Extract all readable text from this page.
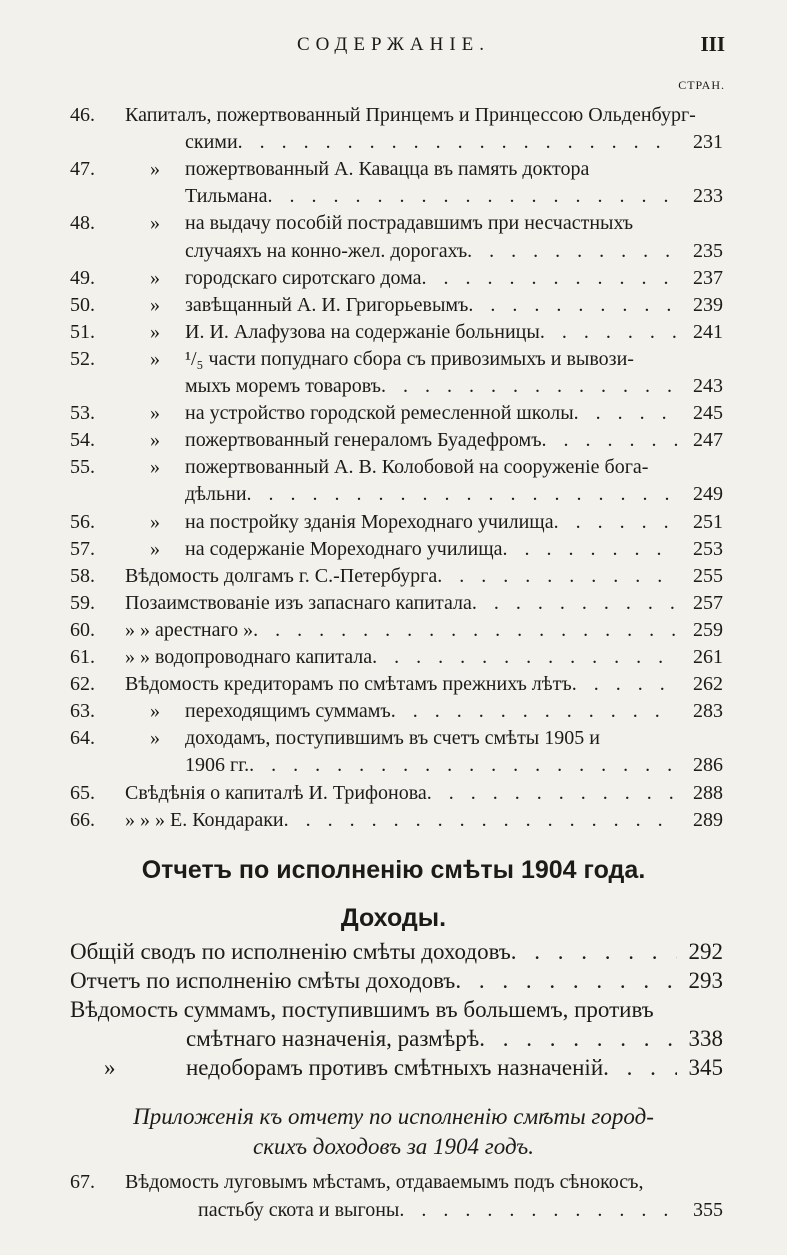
СОДЕРЖАНІЕ.	III
СТРАН.
46.	Капиталъ, пожертвованный Принцемъ и Принцессою Ольденбург-
скими . . .	231
47.	»	пожертвованный А. Кавацца въ память доктора
Тильмана . . .	233
48.	»	на выдачу пособій пострадавшимъ при несчастныхъ
случаяхъ на конно-жел. дорогахъ . . .	235
49.	»	городскаго сиротскаго дома . . .	237
50.	»	завѣщанный А. И. Григорьевымъ . . .	239
51.	»	И. И. Алафузова на содержаніе больницы . . .	241
52.	»	¹/₅ части попуднаго сбора съ привозимыхъ и вывози-
мыхъ моремъ товаровъ . . .	243
53.	»	на устройство городской ремесленной школы . . .	245
54.	»	пожертвованный генераломъ Буадефромъ . . .	247
55.	»	пожертвованный А. В. Колобовой на сооруженіе бога-
дѣльни . . .	249
56.	»	на постройку зданія Мореходнаго училища . . .	251
57.	»	на содержаніе Мореходнаго училища . . .	253
58.	Вѣдомость долгамъ г. С.-Петербурга . . .	255
59.	Позаимствованіе изъ запаснаго капитала . . .	257
60.	» » арестнаго » . . .	259
61.	» » водопроводнаго капитала . . .	261
62.	Вѣдомость кредиторамъ по смѣтамъ прежнихъ лѣтъ . . .	262
63.	»	переходящимъ суммамъ . . .	283
64.	»	доходамъ, поступившимъ въ счетъ смѣты 1905 и
1906 гг. . . .	286
65.	Свѣдѣнія о капиталѣ И. Трифонова . . .	288
66.	» » » Е. Кондараки . . .	289
Отчетъ по исполненію смѣты 1904 года.
Доходы.
Общій сводъ по исполненію смѣты доходовъ . . .	292
Отчетъ по исполненію смѣты доходовъ . . .	293
Вѣдомость суммамъ, поступившимъ въ большемъ, противъ
смѣтнаго назначенія, размѣрѣ . . .	338
»	недоборамъ противъ смѣтныхъ назначеній . . .	345
Приложенія къ отчету по исполненію смѣты город-
скихъ доходовъ за 1904 годъ.
67.	Вѣдомость луговымъ мѣстамъ, отдаваемымъ подъ сѣнокосъ,
пастьбу скота и выгоны . . .	355
